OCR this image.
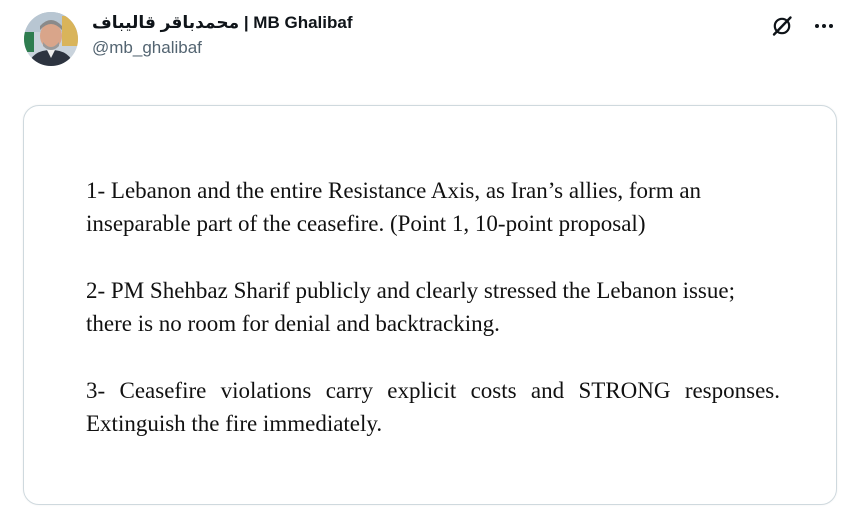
محمدباقر قالیباف | MB Ghalibaf
@mb_ghalibaf

1- Lebanon and the entire Resistance Axis, as Iran’s allies, form an inseparable part of the ceasefire. (Point 1, 10-point proposal)

2- PM Shehbaz Sharif publicly and clearly stressed the Lebanon issue; there is no room for denial and backtracking.

3- Ceasefire violations carry explicit costs and STRONG responses. Extinguish the fire immediately.
